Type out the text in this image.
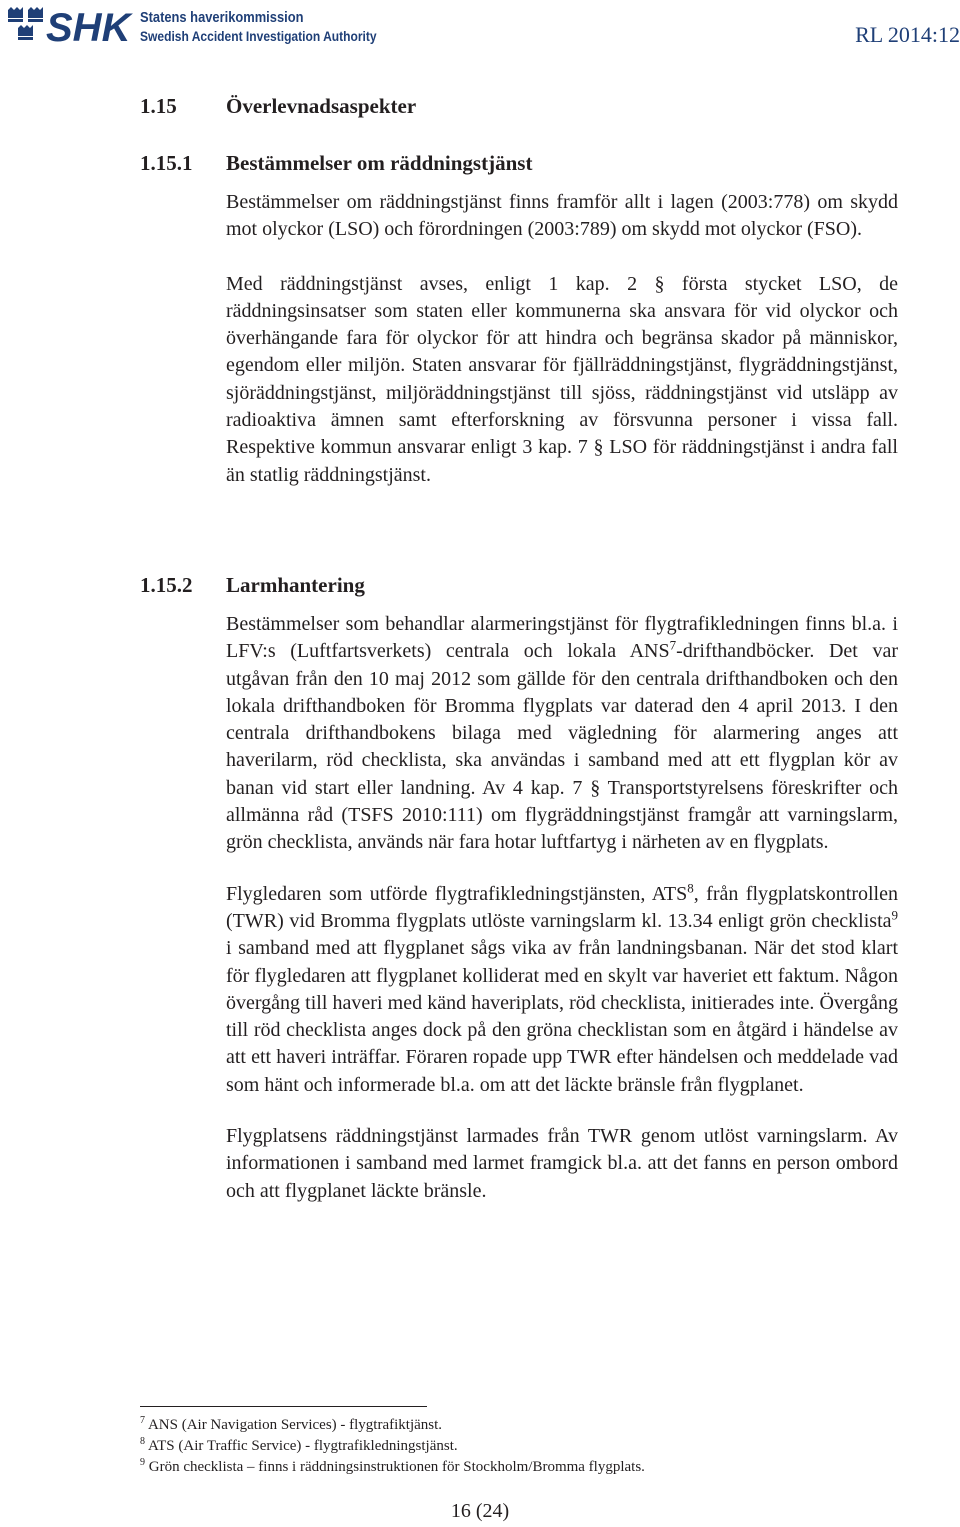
SHK Statens haverikommission
Swedish Accident Investigation Authority	RL 2014:12
1.15 Överlevnadsaspekter
1.15.1 Bestämmelser om räddningstjänst

Bestämmelser om räddningstjänst finns framför allt i lagen (2003:778) om skydd mot olyckor (LSO) och förordningen (2003:789) om skydd mot olyckor (FSO).

Med räddningstjänst avses, enligt 1 kap. 2 § första stycket LSO, de räddningsinsatser som staten eller kommunerna ska ansvara för vid olyckor och överhängande fara för olyckor för att hindra och begränsa skador på människor, egendom eller miljön. Staten ansvarar för fjällräddningstjänst, flygräddningstjänst, sjöräddningstjänst, miljöräddningstjänst till sjöss, räddningstjänst vid utsläpp av radioaktiva ämnen samt efterforskning av försvunna personer i vissa fall. Respektive kommun ansvarar enligt 3 kap. 7 § LSO för räddningstjänst i andra fall än statlig räddningstjänst.

1.15.2 Larmhantering

Bestämmelser som behandlar alarmeringstjänst för flygtrafikledningen finns bl.a. i LFV:s (Luftfartsverkets) centrala och lokala ANS$^7$-drifthandböcker. Det var utgåvan från den 10 maj 2012 som gällde för den centrala drifthandboken och den lokala drifthandboken för Bromma flygplats var daterad den 4 april 2013. I den centrala drifthandbokens bilaga med vägledning för alarmering anges att haverilarm, röd checklista, ska användas i samband med att ett flygplan kör av banan vid start eller landning. Av 4 kap. 7 § Transportstyrelsens föreskrifter och allmänna råd (TSFS 2010:111) om flygräddningstjänst framgår att varningslarm, grön checklista, används när fara hotar luftfartyg i närheten av en flygplats.

Flygledaren som utförde flygtrafikledningstjänsten, ATS$^8$, från flygplatskontrollen (TWR) vid Bromma flygplats utlöste varningslarm kl. 13.34 enligt grön checklista$^9$ i samband med att flygplanet sågs vika av från landningsbanan. När det stod klart för flygledaren att flygplanet kolliderat med en skylt var haveriet ett faktum. Någon övergång till haveri med känd haveriplats, röd checklista, initierades inte. Övergång till röd checklista anges dock på den gröna checklistan som en åtgärd i händelse av att ett haveri inträffar. Föraren ropade upp TWR efter händelsen och meddelade vad som hänt och informerade bl.a. om att det läckte bränsle från flygplanet.

Flygplatsens räddningstjänst larmades från TWR genom utlöst varningslarm. Av informationen i samband med larmet framgick bl.a. att det fanns en person ombord och att flygplanet läckte bränsle.

$^7$ ANS (Air Navigation Services) - flygtrafiktjänst.
$^8$ ATS (Air Traffic Service) - flygtrafikledningstjänst.
$^9$ Grön checklista – finns i räddningsinstruktionen för Stockholm/Bromma flygplats.
16 (24)
